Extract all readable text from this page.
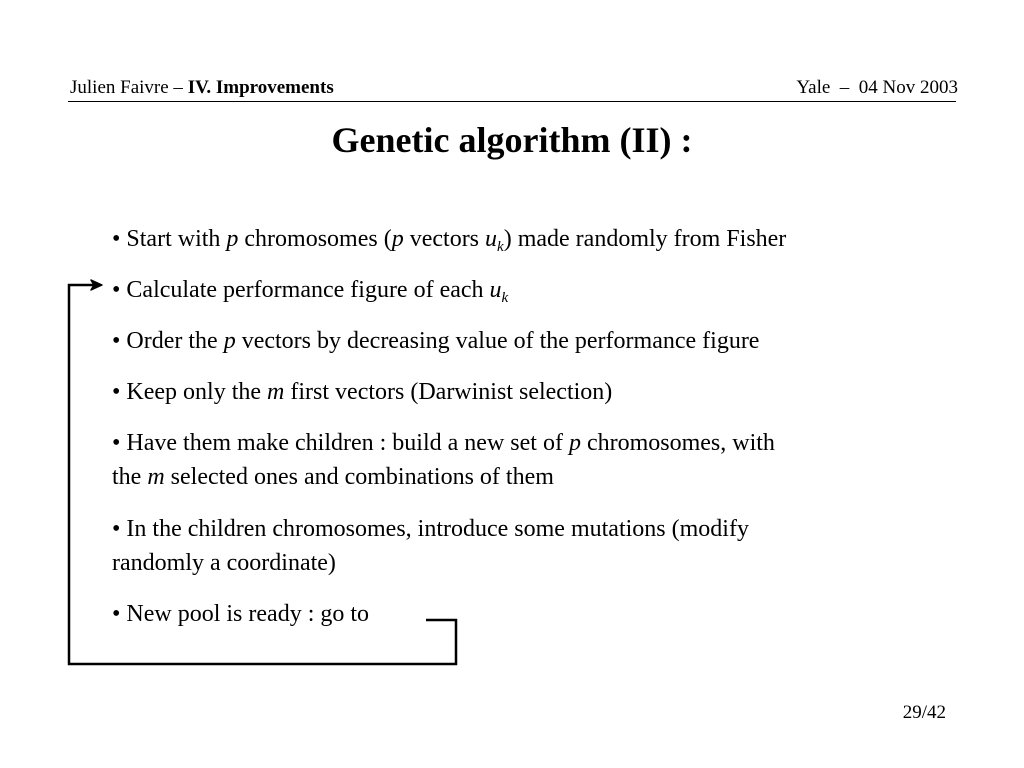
Julien Faivre – IV. Improvements	Yale  –  04 Nov 2003
Genetic algorithm (II) :
• Start with p chromosomes (p vectors $u_k$) made randomly from Fisher
• Calculate performance figure of each $u_k$
• Order the p vectors by decreasing value of the performance figure
• Keep only the m first vectors (Darwinist selection)
• Have them make children : build a new set of p chromosomes, with
the m selected ones and combinations of them
• In the children chromosomes, introduce some mutations (modify
randomly a coordinate)
• New pool is ready : go to
29/42
